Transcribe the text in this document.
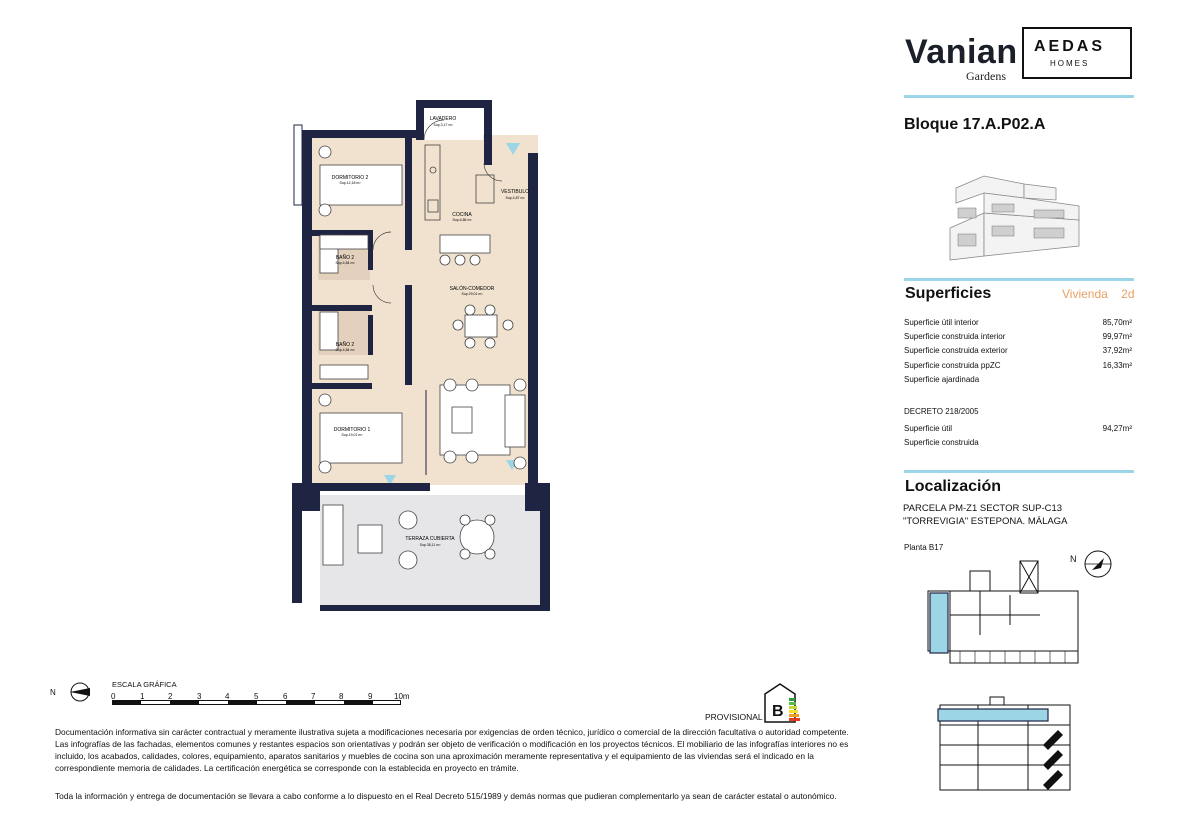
Vanian
Gardens
AEDAS
HOMES
Bloque 17.A.P02.A
Superficies	Vivienda 2d
Superficie útil interior	85,70m²
Superficie construida interior	99,97m²
Superficie construida exterior	37,92m²
Superficie construida ppZC	16,33m²
Superficie ajardinada
DECRETO 218/2005
Superficie útil	94,27m²
Superficie construida
Localización
PARCELA PM-Z1 SECTOR SUP-C13
"TORREVIGIA" ESTEPONA. MÁLAGA
Planta B17
N
LAVADERO
Sup.3,17 m²
DORMITORIO 2
Sup.12,18 m²
COCINA
Sup.6,86 m²
VESTIBULO
Sup.4,87 m²
BAÑO 2
Sup.4,84 m²
SALÓN-COMEDOR
Sup.29,01 m²
BAÑO 2
Sup.4,84 m²
DORMITORIO 1
Sup.19,01 m²
TERRAZA CUBIERTA
Sup.38,11 m²
N
ESCALA GRÁFICA
0	1	2	3	4	5	6	7	8	9	10m
PROVISIONAL B
Documentación informativa sin carácter contractual y meramente ilustrativa sujeta a modificaciones necesaria por exigencias de orden técnico, jurídico o comercial de la dirección facultativa o autoridad competente. Las infografías de las fachadas, elementos comunes y restantes espacios son orientativas y podrán ser objeto de verificación o modificación en los proyectos técnicos. El mobiliario de las infografías interiores no es incluido, los acabados, calidades, colores, equipamiento, aparatos sanitarios y muebles de cocina son una aproximación meramente representativa y el equipamiento de las viviendas será el indicado en la correspondiente memoria de calidades. La certificación energética se corresponde con la establecida en proyecto en trámite.
Toda la información y entrega de documentación se llevara a cabo conforme a lo dispuesto en el Real Decreto 515/1989 y demás normas que pudieran complementarlo ya sean de carácter estatal o autonómico.
